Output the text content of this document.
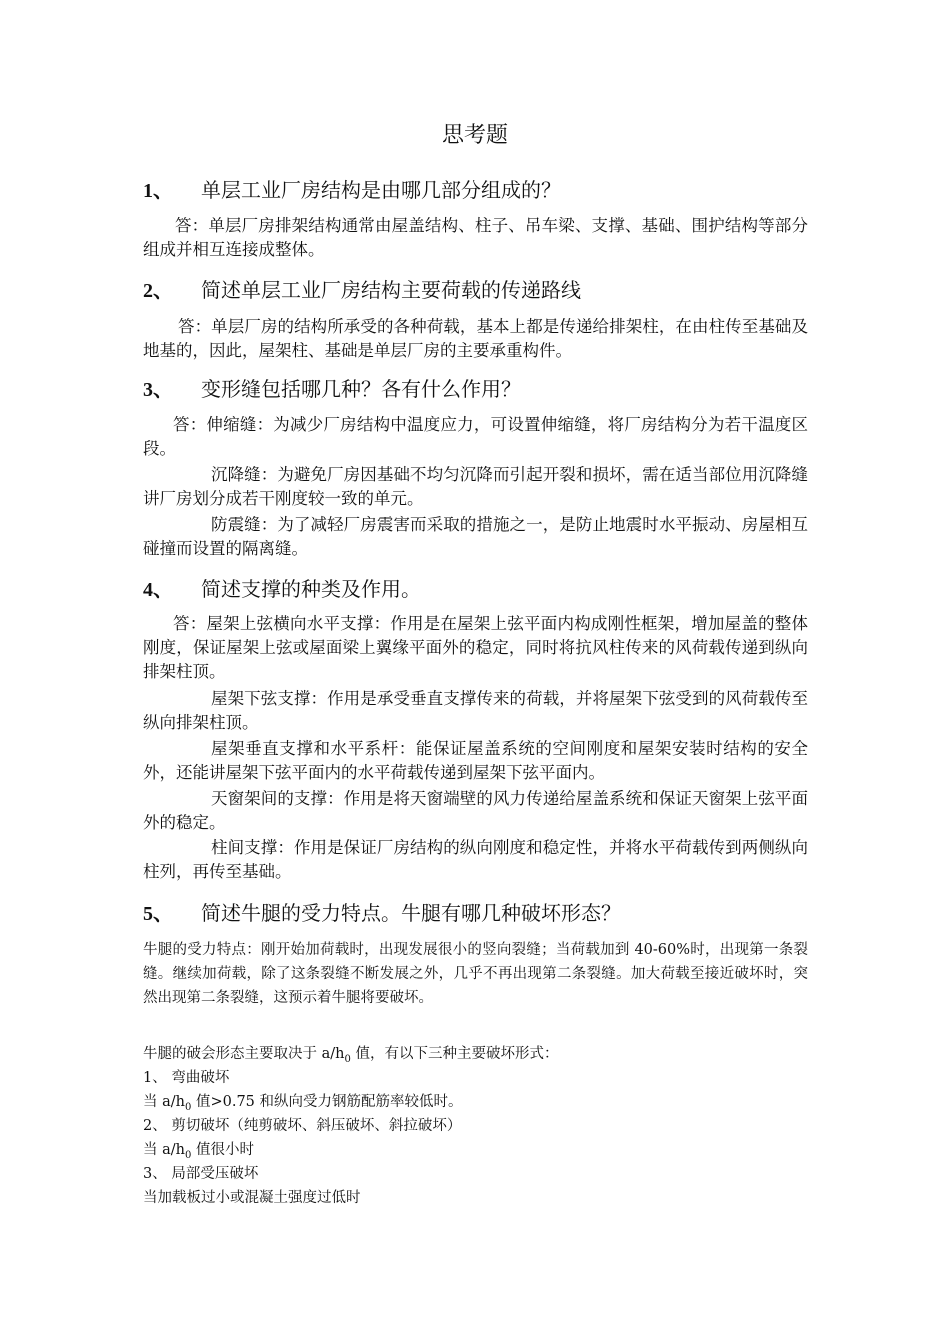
思考题
1、 单层工业厂房结构是由哪几部分组成的？
答：单层厂房排架结构通常由屋盖结构、柱子、吊车梁、支撑、基础、围护结构等部分组成并相互连接成整体。
2、 简述单层工业厂房结构主要荷载的传递路线
答：单层厂房的结构所承受的各种荷载，基本上都是传递给排架柱，在由柱传至基础及地基的，因此，屋架柱、基础是单层厂房的主要承重构件。
3、 变形缝包括哪几种？各有什么作用？
答：伸缩缝：为减少厂房结构中温度应力，可设置伸缩缝，将厂房结构分为若干温度区段。
沉降缝：为避免厂房因基础不均匀沉降而引起开裂和损坏，需在适当部位用沉降缝讲厂房划分成若干刚度较一致的单元。
防震缝：为了减轻厂房震害而采取的措施之一，是防止地震时水平振动、房屋相互碰撞而设置的隔离缝。
4、 简述支撑的种类及作用。
答：屋架上弦横向水平支撑：作用是在屋架上弦平面内构成刚性框架，增加屋盖的整体刚度，保证屋架上弦或屋面梁上翼缘平面外的稳定，同时将抗风柱传来的风荷载传递到纵向排架柱顶。
屋架下弦支撑：作用是承受垂直支撑传来的荷载，并将屋架下弦受到的风荷载传至纵向排架柱顶。
屋架垂直支撑和水平系杆：能保证屋盖系统的空间刚度和屋架安装时结构的安全外，还能讲屋架下弦平面内的水平荷载传递到屋架下弦平面内。
天窗架间的支撑：作用是将天窗端壁的风力传递给屋盖系统和保证天窗架上弦平面外的稳定。
柱间支撑：作用是保证厂房结构的纵向刚度和稳定性，并将水平荷载传到两侧纵向柱列，再传至基础。
5、 简述牛腿的受力特点。牛腿有哪几种破坏形态？
牛腿的受力特点：刚开始加荷载时，出现发展很小的竖向裂缝；当荷载加到 40-60%时，出现第一条裂缝。继续加荷载，除了这条裂缝不断发展之外，几乎不再出现第二条裂缝。加大荷载至接近破坏时，突然出现第二条裂缝，这预示着牛腿将要破坏。
牛腿的破会形态主要取决于 $a/h_0$ 值，有以下三种主要破坏形式：
1、 弯曲破坏
当 $a/h_0$ 值>0.75 和纵向受力钢筋配筋率较低时。
2、 剪切破坏（纯剪破坏、斜压破坏、斜拉破坏）
当 $a/h_0$ 值很小时
3、 局部受压破坏
当加载板过小或混凝土强度过低时
